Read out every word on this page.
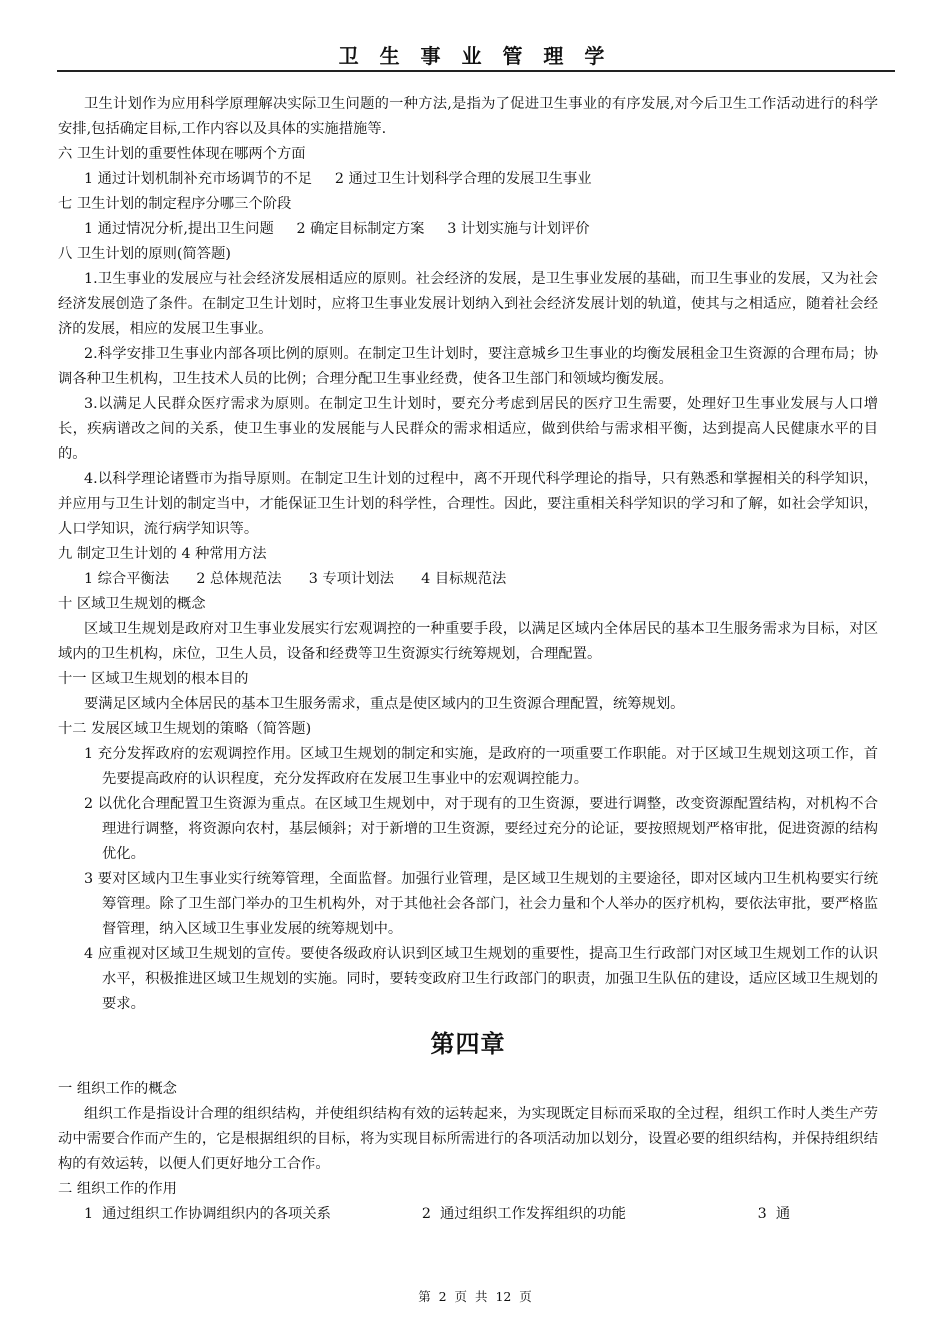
卫 生 事 业 管 理 学

卫生计划作为应用科学原理解决实际卫生问题的一种方法,是指为了促进卫生事业的有序发展,对今后卫生工作活动进行的科学安排,包括确定目标,工作内容以及具体的实施措施等.

六 卫生计划的重要性体现在哪两个方面

1 通过计划机制补充市场调节的不足     2 通过卫生计划科学合理的发展卫生事业

七 卫生计划的制定程序分哪三个阶段

1 通过情况分析,提出卫生问题     2 确定目标制定方案     3 计划实施与计划评价

八 卫生计划的原则(简答题)

1.卫生事业的发展应与社会经济发展相适应的原则。社会经济的发展，是卫生事业发展的基础，而卫生事业的发展，又为社会经济发展创造了条件。在制定卫生计划时，应将卫生事业发展计划纳入到社会经济发展计划的轨道，使其与之相适应，随着社会经济的发展，相应的发展卫生事业。

2.科学安排卫生事业内部各项比例的原则。在制定卫生计划时，要注意城乡卫生事业的均衡发展租金卫生资源的合理布局；协调各种卫生机构，卫生技术人员的比例；合理分配卫生事业经费，使各卫生部门和领域均衡发展。

3.以满足人民群众医疗需求为原则。在制定卫生计划时，要充分考虑到居民的医疗卫生需要，处理好卫生事业发展与人口增长，疾病谱改之间的关系，使卫生事业的发展能与人民群众的需求相适应，做到供给与需求相平衡，达到提高人民健康水平的目的。

4.以科学理论诸暨市为指导原则。在制定卫生计划的过程中，离不开现代科学理论的指导，只有熟悉和掌握相关的科学知识，并应用与卫生计划的制定当中，才能保证卫生计划的科学性，合理性。因此，要注重相关科学知识的学习和了解，如社会学知识，人口学知识，流行病学知识等。

九 制定卫生计划的 4 种常用方法

1 综合平衡法      2 总体规范法      3 专项计划法      4 目标规范法

十 区域卫生规划的概念

区域卫生规划是政府对卫生事业发展实行宏观调控的一种重要手段，以满足区域内全体居民的基本卫生服务需求为目标，对区域内的卫生机构，床位，卫生人员，设备和经费等卫生资源实行统筹规划，合理配置。

十一 区域卫生规划的根本目的

要满足区域内全体居民的基本卫生服务需求，重点是使区域内的卫生资源合理配置，统筹规划。

十二 发展区域卫生规划的策略（简答题)

1 充分发挥政府的宏观调控作用。区域卫生规划的制定和实施，是政府的一项重要工作职能。对于区域卫生规划这项工作，首先要提高政府的认识程度，充分发挥政府在发展卫生事业中的宏观调控能力。

2 以优化合理配置卫生资源为重点。在区域卫生规划中，对于现有的卫生资源，要进行调整，改变资源配置结构，对机构不合理进行调整，将资源向农村，基层倾斜；对于新增的卫生资源，要经过充分的论证，要按照规划严格审批，促进资源的结构优化。

3 要对区域内卫生事业实行统筹管理，全面监督。加强行业管理，是区域卫生规划的主要途径，即对区域内卫生机构要实行统筹管理。除了卫生部门举办的卫生机构外，对于其他社会各部门，社会力量和个人举办的医疗机构，要依法审批，要严格监督管理，纳入区域卫生事业发展的统筹规划中。

4 应重视对区域卫生规划的宣传。要使各级政府认识到区域卫生规划的重要性，提高卫生行政部门对区域卫生规划工作的认识水平，积极推进区域卫生规划的实施。同时，要转变政府卫生行政部门的职责，加强卫生队伍的建设，适应区域卫生规划的要求。

第四章

一 组织工作的概念

组织工作是指设计合理的组织结构，并使组织结构有效的运转起来，为实现既定目标而采取的全过程，组织工作时人类生产劳动中需要合作而产生的，它是根据组织的目标，将为实现目标所需进行的各项活动加以划分，设置必要的组织结构，并保持组织结构的有效运转，以便人们更好地分工合作。

二 组织工作的作用

1  通过组织工作协调组织内的各项关系                    2  通过组织工作发挥组织的功能                             3  通

第  2  页  共  12  页
